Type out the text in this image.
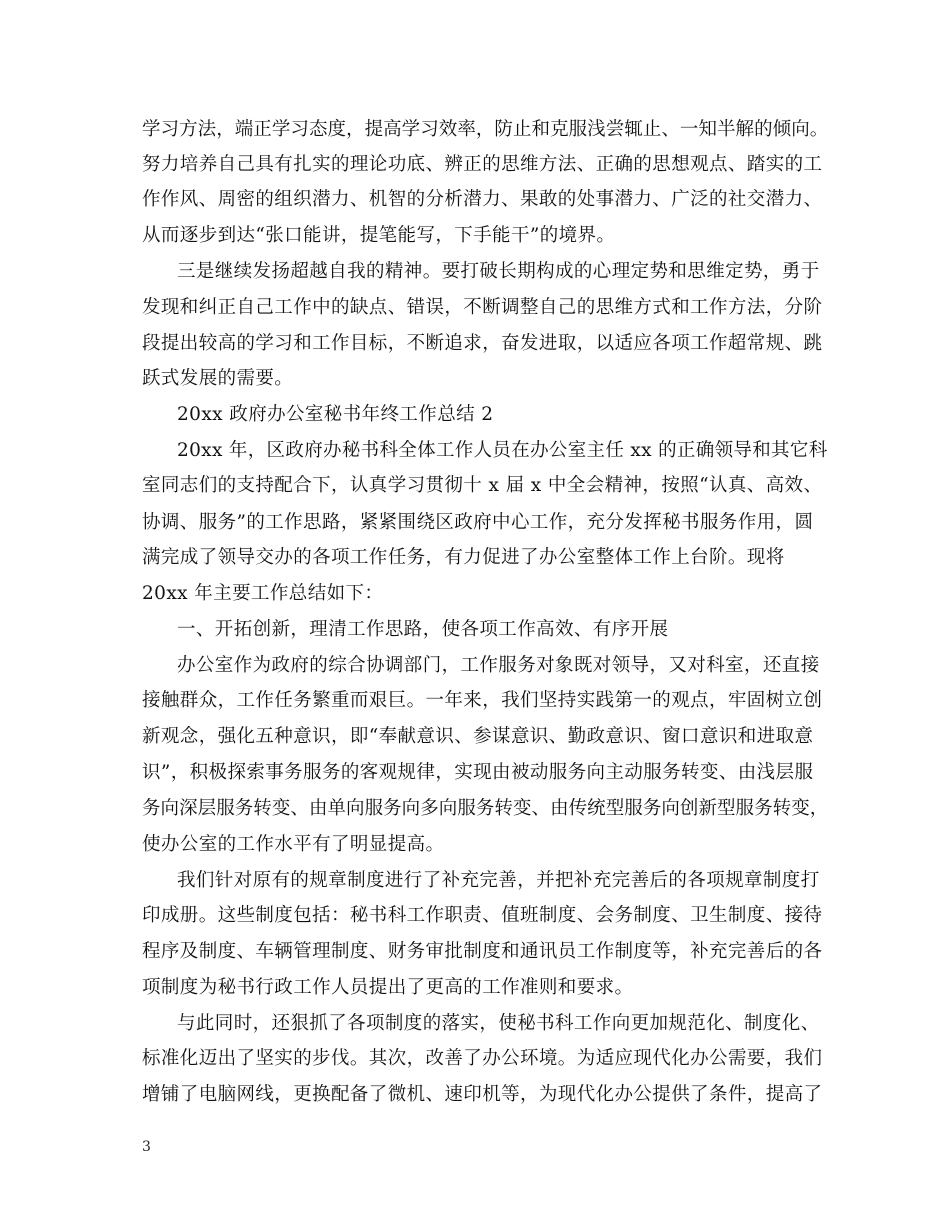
学习方法，端正学习态度，提高学习效率，防止和克服浅尝辄止、一知半解的倾向。
努力培养自己具有扎实的理论功底、辨正的思维方法、正确的思想观点、踏实的工
作作风、周密的组织潜力、机智的分析潜力、果敢的处事潜力、广泛的社交潜力、
从而逐步到达“张口能讲，提笔能写，下手能干”的境界。
三是继续发扬超越自我的精神。要打破长期构成的心理定势和思维定势，勇于
发现和纠正自己工作中的缺点、错误，不断调整自己的思维方式和工作方法，分阶
段提出较高的学习和工作目标，不断追求，奋发进取，以适应各项工作超常规、跳
跃式发展的需要。
20xx 政府办公室秘书年终工作总结 2
20xx 年，区政府办秘书科全体工作人员在办公室主任 xx 的正确领导和其它科
室同志们的支持配合下，认真学习贯彻十 x 届 x 中全会精神，按照“认真、高效、
协调、服务”的工作思路，紧紧围绕区政府中心工作，充分发挥秘书服务作用，圆
满完成了领导交办的各项工作任务，有力促进了办公室整体工作上台阶。现将
20xx 年主要工作总结如下：
一、开拓创新，理清工作思路，使各项工作高效、有序开展
办公室作为政府的综合协调部门，工作服务对象既对领导，又对科室，还直接
接触群众，工作任务繁重而艰巨。一年来，我们坚持实践第一的观点，牢固树立创
新观念，强化五种意识，即“奉献意识、参谋意识、勤政意识、窗口意识和进取意
识”，积极探索事务服务的客观规律，实现由被动服务向主动服务转变、由浅层服
务向深层服务转变、由单向服务向多向服务转变、由传统型服务向创新型服务转变，
使办公室的工作水平有了明显提高。
我们针对原有的规章制度进行了补充完善，并把补充完善后的各项规章制度打
印成册。这些制度包括：秘书科工作职责、值班制度、会务制度、卫生制度、接待
程序及制度、车辆管理制度、财务审批制度和通讯员工作制度等，补充完善后的各
项制度为秘书行政工作人员提出了更高的工作准则和要求。
与此同时，还狠抓了各项制度的落实，使秘书科工作向更加规范化、制度化、
标准化迈出了坚实的步伐。其次，改善了办公环境。为适应现代化办公需要，我们
增铺了电脑网线，更换配备了微机、速印机等，为现代化办公提供了条件，提高了
3
